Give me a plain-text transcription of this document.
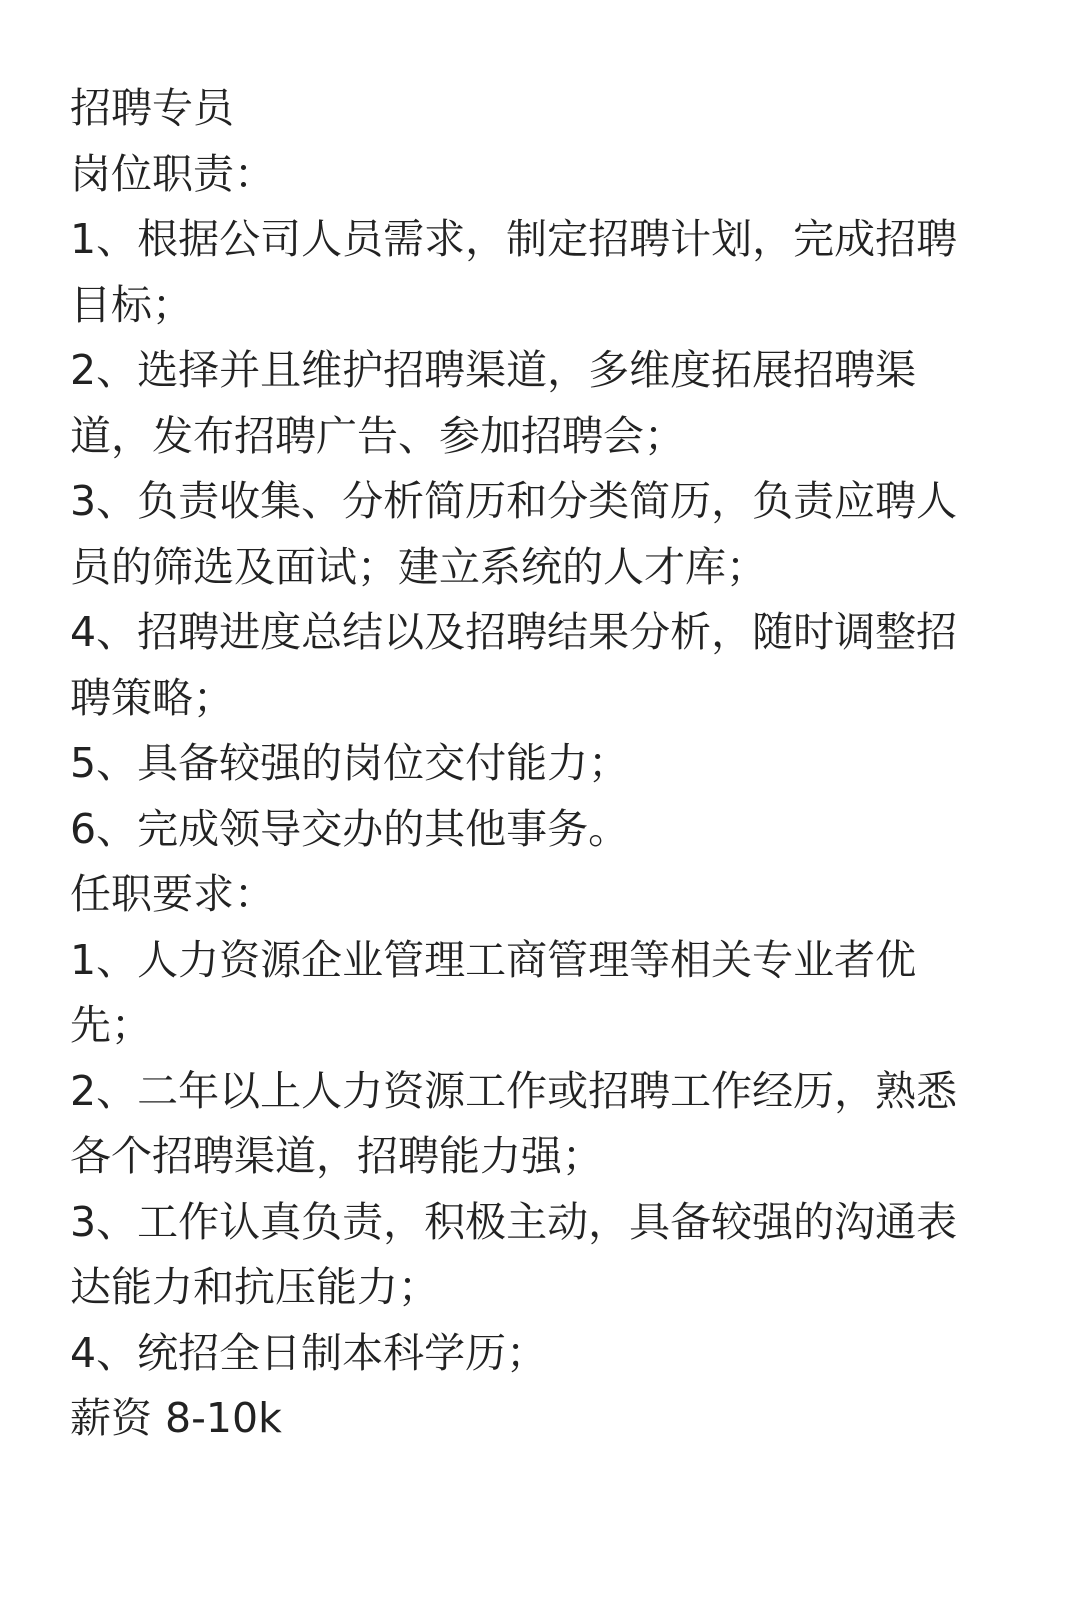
招聘专员
岗位职责：
1、根据公司人员需求，制定招聘计划，完成招聘
目标；
2、选择并且维护招聘渠道，多维度拓展招聘渠
道，发布招聘广告、参加招聘会；
3、负责收集、分析简历和分类简历，负责应聘人
员的筛选及面试；建立系统的人才库；
4、招聘进度总结以及招聘结果分析，随时调整招
聘策略；
5、具备较强的岗位交付能力；
6、完成领导交办的其他事务。
任职要求：
1、人力资源企业管理工商管理等相关专业者优
先；
2、二年以上人力资源工作或招聘工作经历，熟悉
各个招聘渠道，招聘能力强；
3、工作认真负责，积极主动，具备较强的沟通表
达能力和抗压能力；
4、统招全日制本科学历；
薪资 8-10k
